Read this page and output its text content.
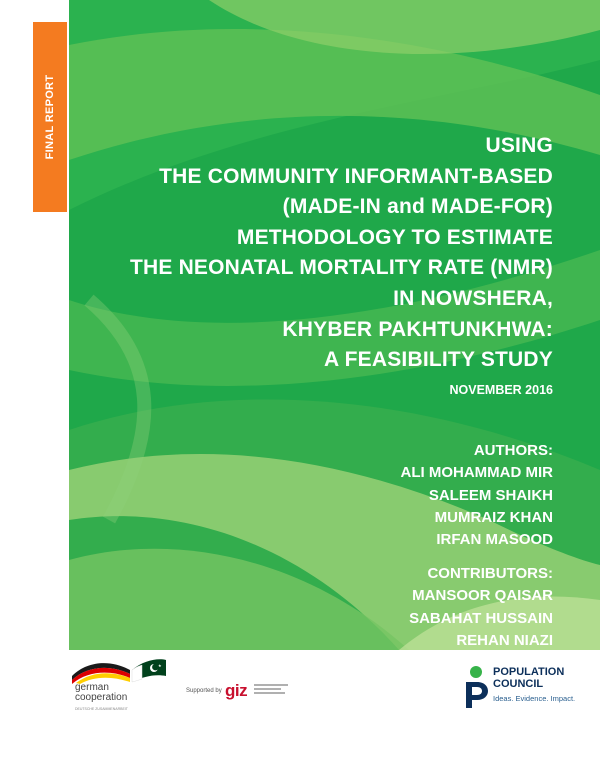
FINAL REPORT	USING
THE COMMUNITY INFORMANT-BASED
(MADE-IN and MADE-FOR)
METHODOLOGY TO ESTIMATE
THE NEONATAL MORTALITY RATE (NMR)
IN NOWSHERA,
KHYBER PAKHTUNKHWA:
A FEASIBILITY STUDY
NOVEMBER 2016
AUTHORS:
ALI MOHAMMAD MIR
SALEEM SHAIKH
MUMRAIZ KHAN
IRFAN MASOOD
CONTRIBUTORS:
MANSOOR QAISAR
SABAHAT HUSSAIN
REHAN NIAZI
★
german
cooperation
DEUTSCHE ZUSAMMENARBEIT
Supported by giz
POPULATION
COUNCIL
Ideas. Evidence. Impact.
